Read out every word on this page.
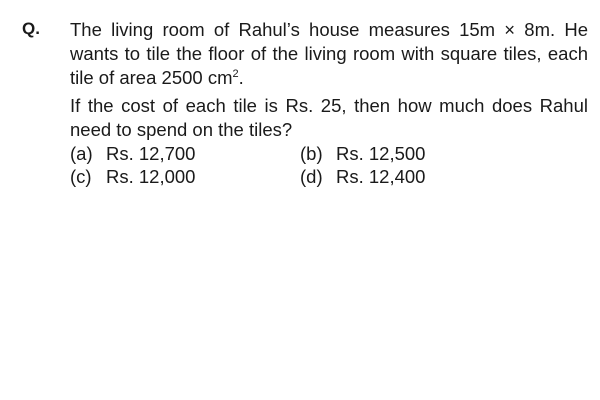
Q. The living room of Rahul’s house measures 15m × 8m. He
wants to tile the floor of the living room with square tiles, each
tile of area 2500 $cm^2$.
If the cost of each tile is Rs. 25, then how much does Rahul
need to spend on the tiles?
(a) Rs. 12,700	(b) Rs. 12,500
(c) Rs. 12,000	(d) Rs. 12,400
